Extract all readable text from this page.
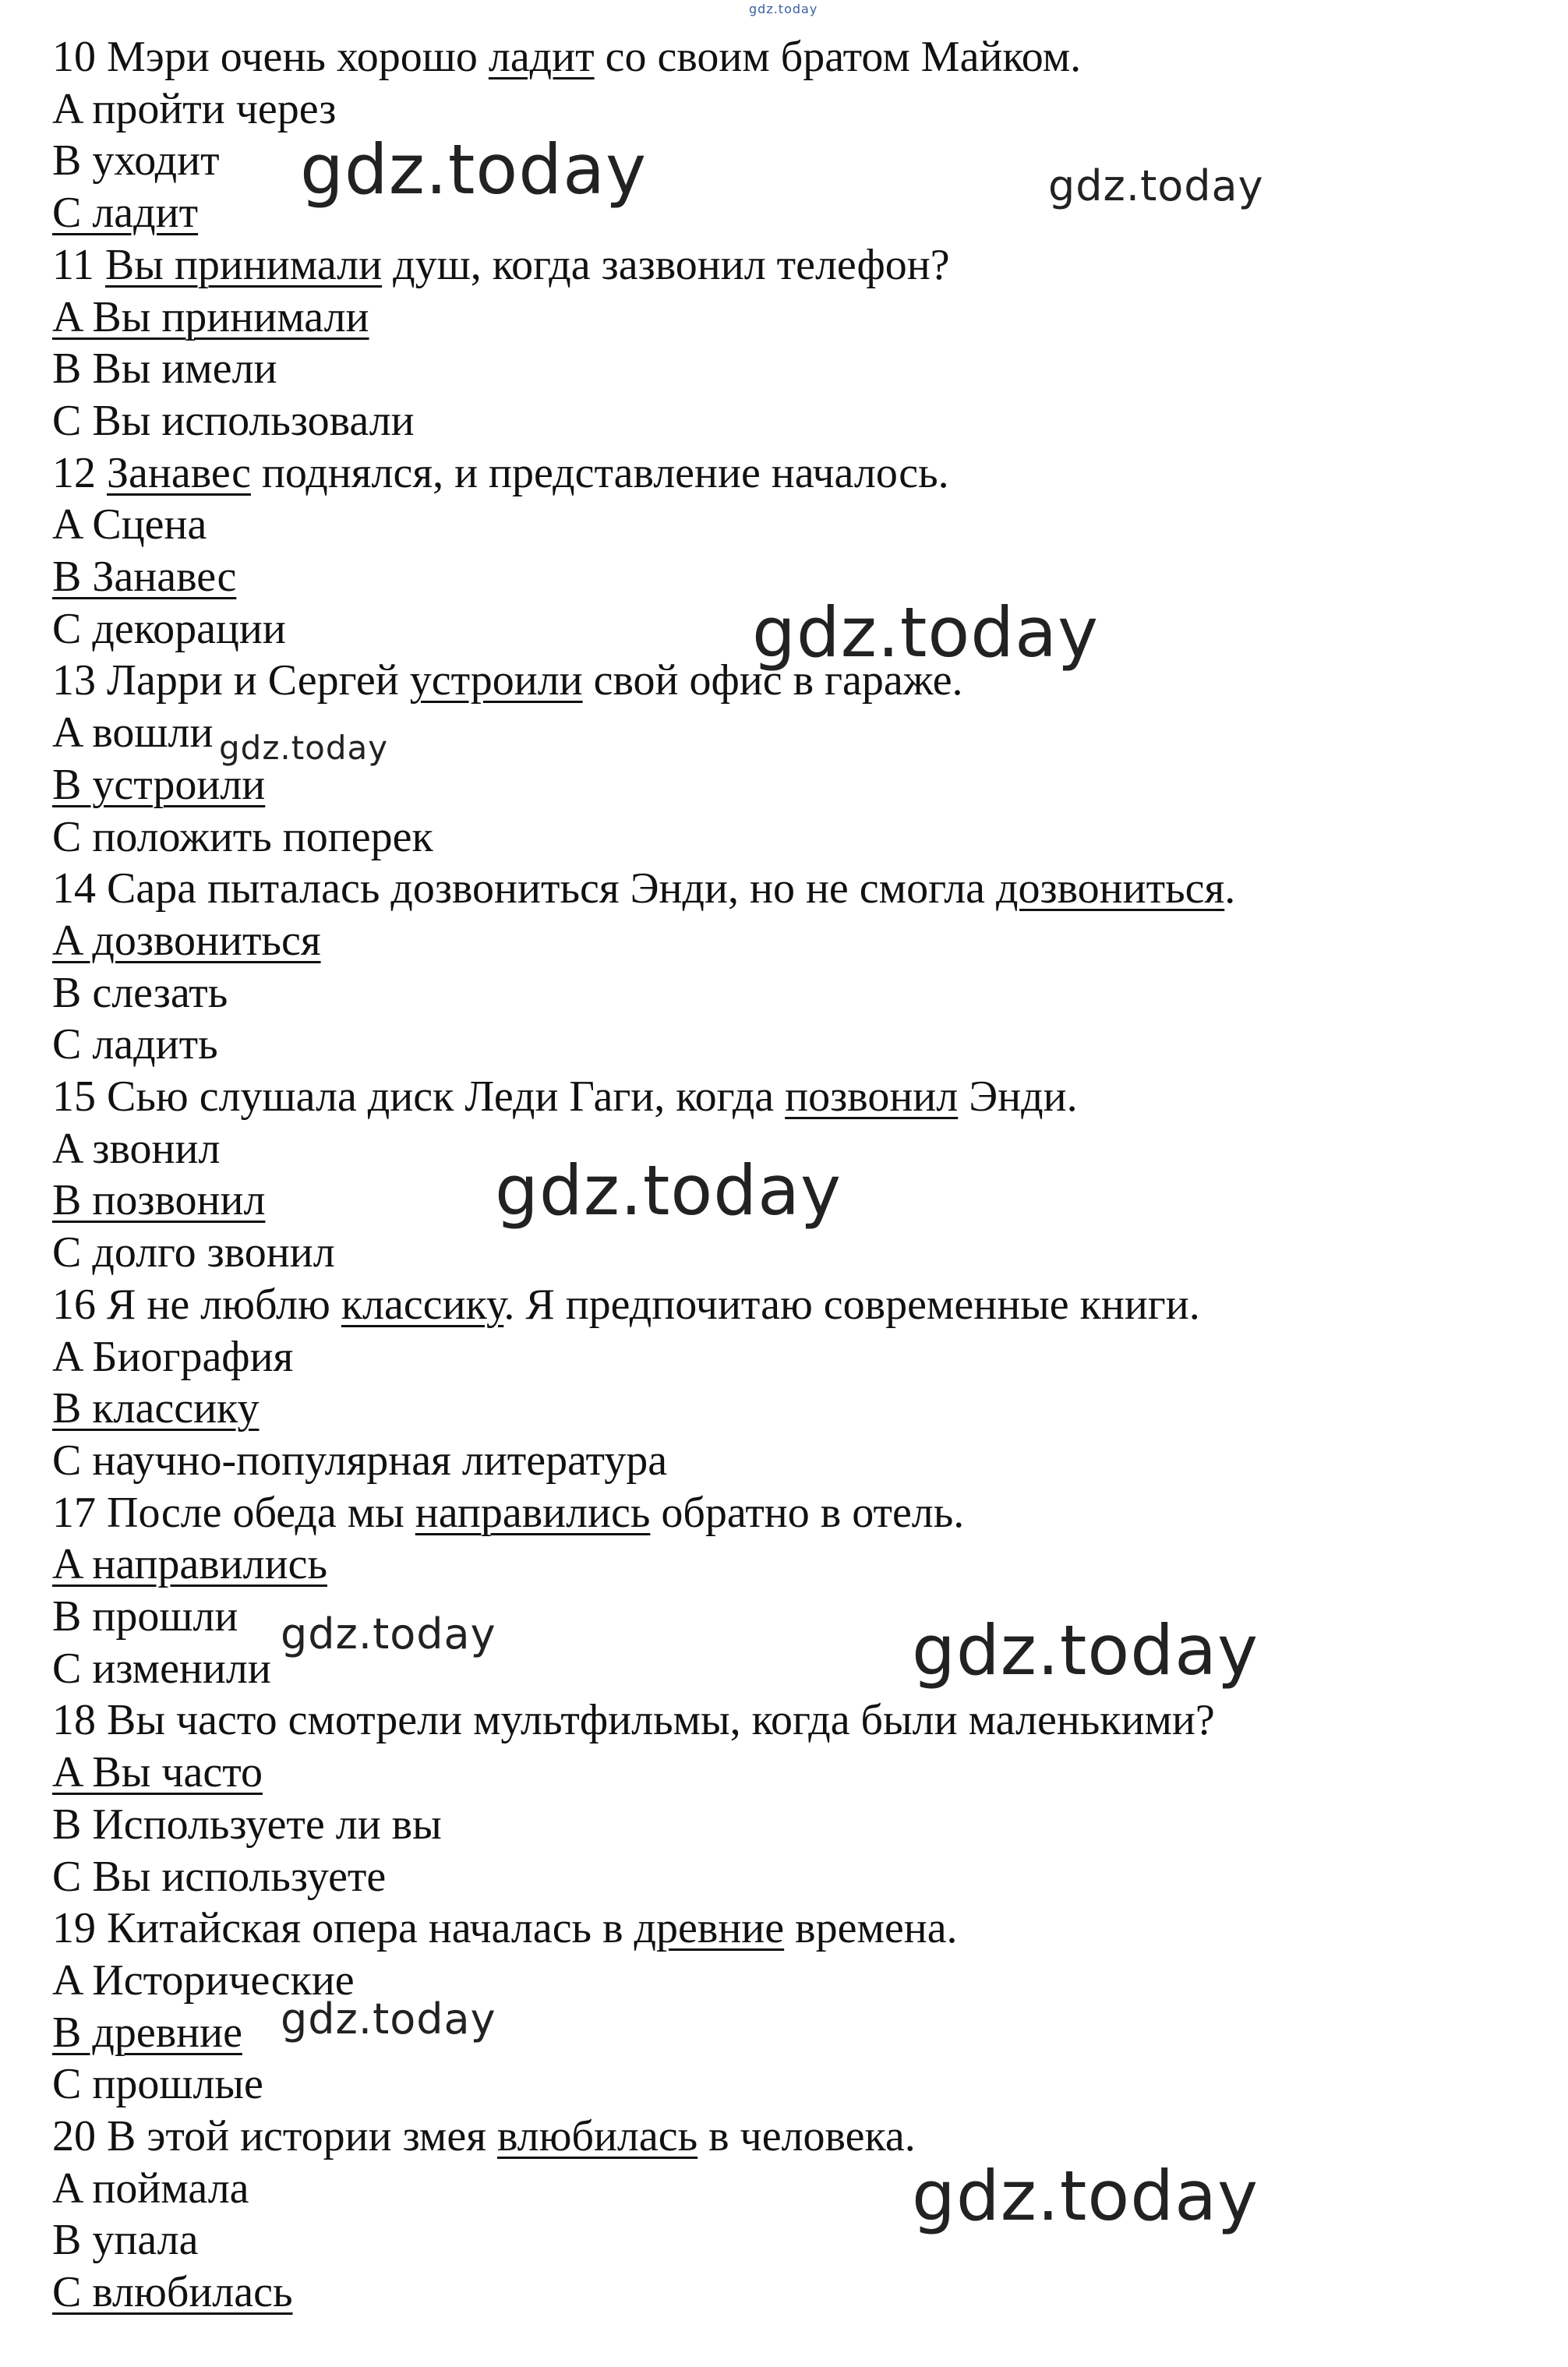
10 Мэри очень хорошо ладит со своим братом Майком.
A пройти через
B уходит
C ладит
11 Вы принимали душ, когда зазвонил телефон?
A Вы принимали
B Вы имели
C Вы использовали
12 Занавес поднялся, и представление началось.
A Сцена
B Занавес
C декорации
13 Ларри и Сергей устроили свой офис в гараже.
A вошли
B устроили
C положить поперек
14 Сара пыталась дозвониться Энди, но не смогла дозвониться.
A дозвониться
B слезать
C ладить
15 Сью слушала диск Леди Гаги, когда позвонил Энди.
A звонил
B позвонил
C долго звонил
16 Я не люблю классику. Я предпочитаю современные книги.
A Биография
B классику
C научно-популярная литература
17 После обеда мы направились обратно в отель.
A направились
B прошли
C изменили
18 Вы часто смотрели мультфильмы, когда были маленькими?
A Вы часто
B Используете ли вы
C Вы используете
19 Китайская опера началась в древние времена.
A Исторические
B древние
C прошлые
20 В этой истории змея влюбилась в человека.
A поймала
B упала
C влюбилась
gdz.today
gdz.today	gdz.today
gdz.today
gdz.today
gdz.today
gdz.today	gdz.today
gdz.today
gdz.today
